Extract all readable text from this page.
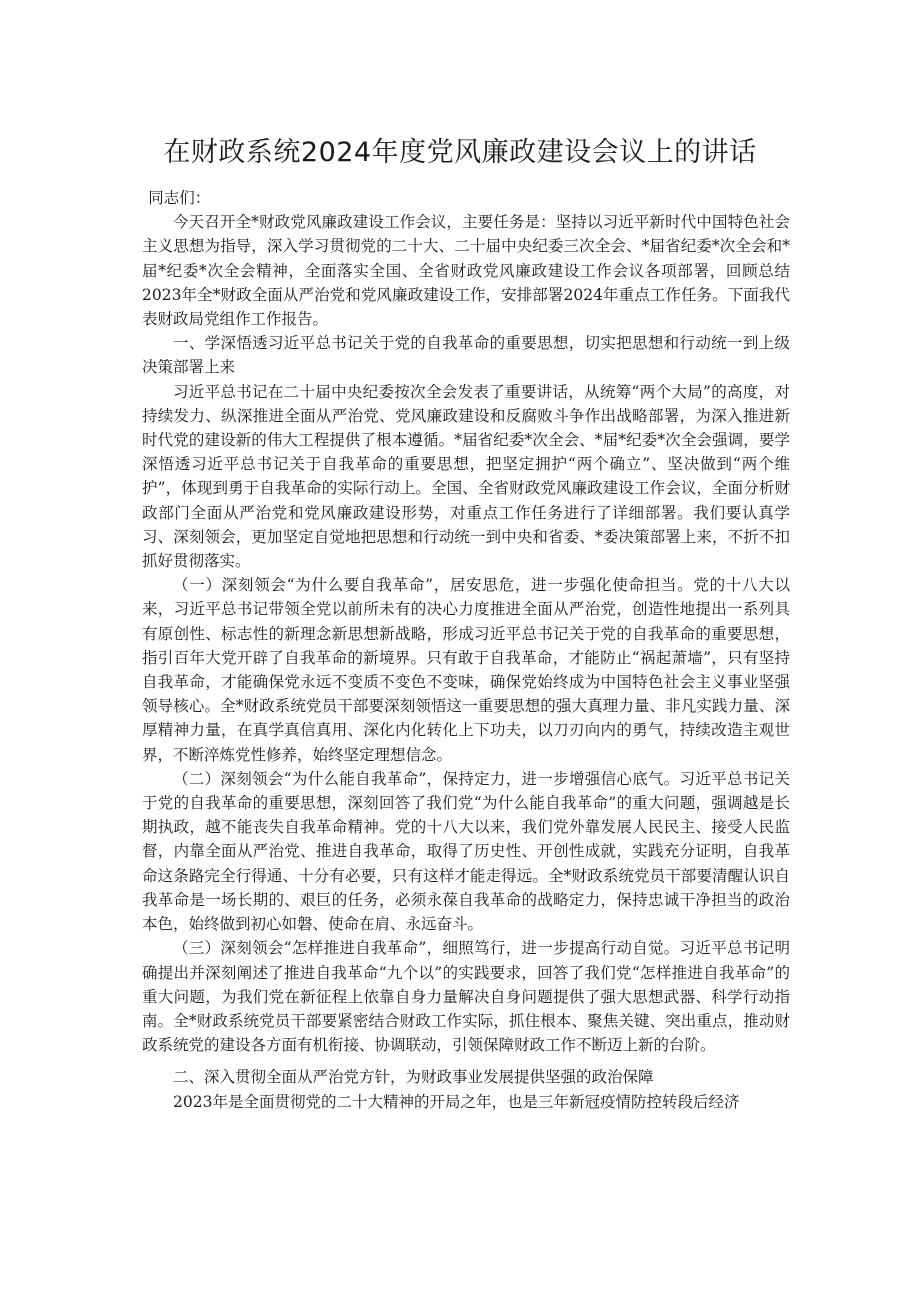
在财政系统2024年度党风廉政建设会议上的讲话

同志们：

今天召开全*财政党风廉政建设工作会议，主要任务是：坚持以习近平新时代中国特色社会主义思想为指导，深入学习贯彻党的二十大、二十届中央纪委三次全会、*届省纪委*次全会和*届*纪委*次全会精神，全面落实全国、全省财政党风廉政建设工作会议各项部署，回顾总结2023年全*财政全面从严治党和党风廉政建设工作，安排部署2024年重点工作任务。下面我代表财政局党组作工作报告。

一、学深悟透习近平总书记关于党的自我革命的重要思想，切实把思想和行动统一到上级决策部署上来

习近平总书记在二十届中央纪委按次全会发表了重要讲话，从统筹“两个大局”的高度，对持续发力、纵深推进全面从严治党、党风廉政建设和反腐败斗争作出战略部署，为深入推进新时代党的建设新的伟大工程提供了根本遵循。*届省纪委*次全会、*届*纪委*次全会强调，要学深悟透习近平总书记关于自我革命的重要思想，把坚定拥护“两个确立”、坚决做到“两个维护”，体现到勇于自我革命的实际行动上。全国、全省财政党风廉政建设工作会议，全面分析财政部门全面从严治党和党风廉政建设形势，对重点工作任务进行了详细部署。我们要认真学习、深刻领会，更加坚定自觉地把思想和行动统一到中央和省委、*委决策部署上来，不折不扣抓好贯彻落实。

（一）深刻领会“为什么要自我革命”，居安思危，进一步强化使命担当。党的十八大以来，习近平总书记带领全党以前所未有的决心力度推进全面从严治党，创造性地提出一系列具有原创性、标志性的新理念新思想新战略，形成习近平总书记关于党的自我革命的重要思想，指引百年大党开辟了自我革命的新境界。只有敢于自我革命，才能防止“祸起萧墙”，只有坚持自我革命，才能确保党永远不变质不变色不变味，确保党始终成为中国特色社会主义事业坚强领导核心。全*财政系统党员干部要深刻领悟这一重要思想的强大真理力量、非凡实践力量、深厚精神力量，在真学真信真用、深化内化转化上下功夫，以刀刃向内的勇气，持续改造主观世界，不断淬炼党性修养，始终坚定理想信念。

（二）深刻领会“为什么能自我革命”，保持定力，进一步增强信心底气。习近平总书记关于党的自我革命的重要思想，深刻回答了我们党“为什么能自我革命”的重大问题，强调越是长期执政，越不能丧失自我革命精神。党的十八大以来，我们党外靠发展人民民主、接受人民监督，内靠全面从严治党、推进自我革命，取得了历史性、开创性成就，实践充分证明，自我革命这条路完全行得通、十分有必要，只有这样才能走得远。全*财政系统党员干部要清醒认识自我革命是一场长期的、艰巨的任务，必须永葆自我革命的战略定力，保持忠诚干净担当的政治本色，始终做到初心如磐、使命在肩、永远奋斗。

（三）深刻领会“怎样推进自我革命”，细照笃行，进一步提高行动自觉。习近平总书记明确提出并深刻阐述了推进自我革命“九个以”的实践要求，回答了我们党“怎样推进自我革命”的重大问题，为我们党在新征程上依靠自身力量解决自身问题提供了强大思想武器、科学行动指南。全*财政系统党员干部要紧密结合财政工作实际，抓住根本、聚焦关键、突出重点，推动财政系统党的建设各方面有机衔接、协调联动，引领保障财政工作不断迈上新的台阶。

二、深入贯彻全面从严治党方针，为财政事业发展提供坚强的政治保障

2023年是全面贯彻党的二十大精神的开局之年，也是三年新冠疫情防控转段后经济
